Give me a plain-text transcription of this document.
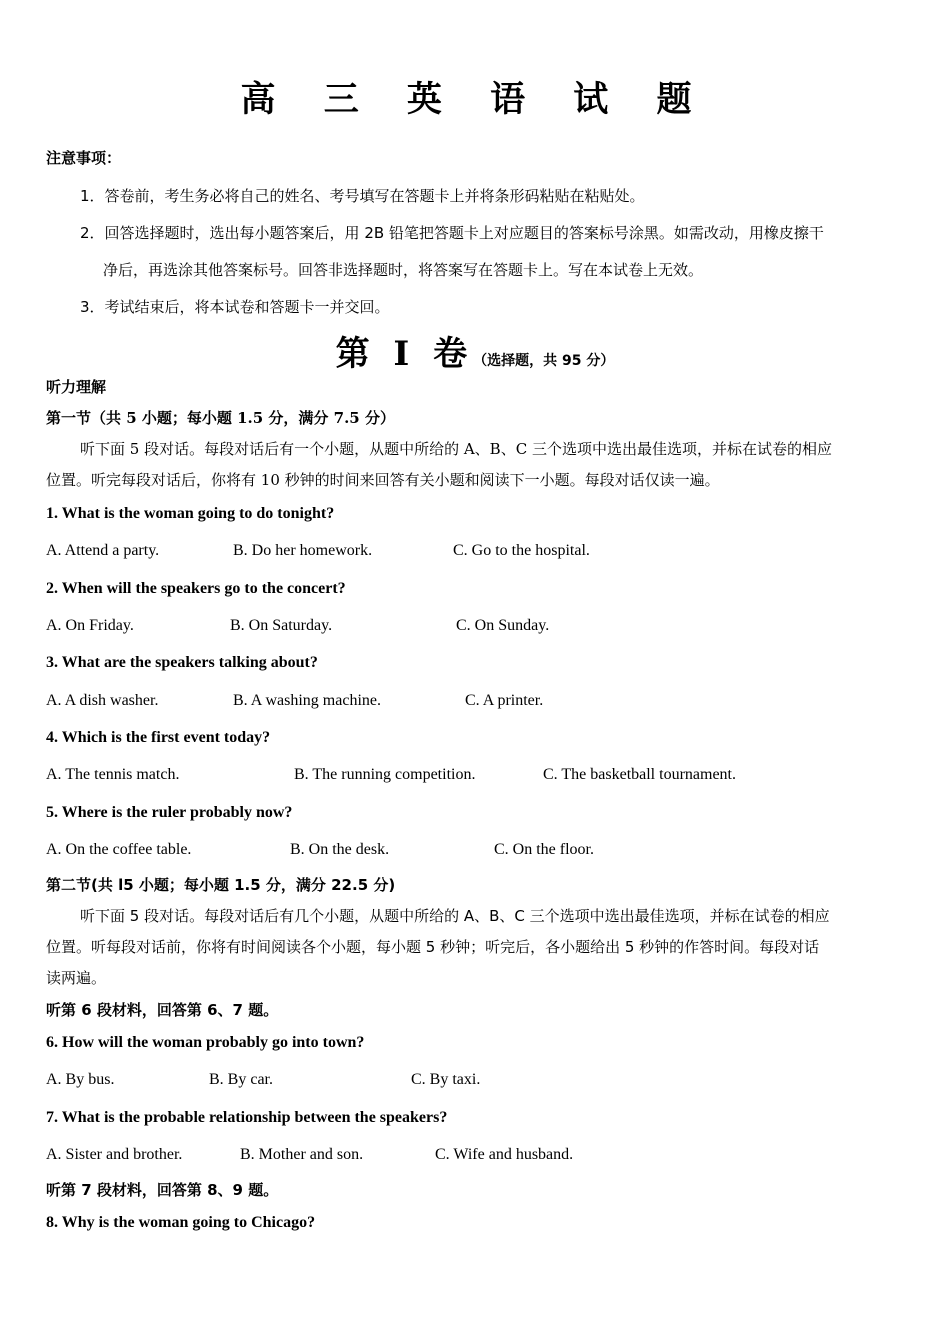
高 三 英 语 试 题
注意事项：
1．答卷前，考生务必将自己的姓名、考号填写在答题卡上并将条形码粘贴在粘贴处。
2．回答选择题时，选出每小题答案后，用 2B 铅笔把答题卡上对应题目的答案标号涂黑。如需改动，用橡皮擦干
净后，再选涂其他答案标号。回答非选择题时，将答案写在答题卡上。写在本试卷上无效。
3．考试结束后，将本试卷和答题卡一并交回。
第 I 卷（选择题，共 95 分）
听力理解
第一节（共 5 小题；每小题 1.5 分，满分 7.5 分）
听下面 5 段对话。每段对话后有一个小题，从题中所给的 A、B、C 三个选项中选出最佳选项，并标在试卷的相应
位置。听完每段对话后，你将有 10 秒钟的时间来回答有关小题和阅读下一小题。每段对话仅读一遍。
1. What is the woman going to do tonight?
A. Attend a party.	B. Do her homework.	C. Go to the hospital.
2. When will the speakers go to the concert?
A. On Friday.	B. On Saturday.	C. On Sunday.
3. What are the speakers talking about?
A. A dish washer.	B. A washing machine.	C. A printer.
4. Which is the first event today?
A. The tennis match.	B. The running competition.	C. The basketball tournament.
5. Where is the ruler probably now?
A. On the coffee table.	B. On the desk.	C. On the floor.
第二节(共 l5 小题；每小题 1.5 分，满分 22.5 分)
听下面 5 段对话。每段对话后有几个小题，从题中所给的 A、B、C 三个选项中选出最佳选项，并标在试卷的相应
位置。听每段对话前，你将有时间阅读各个小题，每小题 5 秒钟；听完后，各小题给出 5 秒钟的作答时间。每段对话
读两遍。
听第 6 段材料，回答第 6、7 题。
6. How will the woman probably go into town?
A. By bus.	B. By car.	C. By taxi.
7. What is the probable relationship between the speakers?
A. Sister and brother.	B. Mother and son.	C. Wife and husband.
听第 7 段材料，回答第 8、9 题。
8. Why is the woman going to Chicago?
